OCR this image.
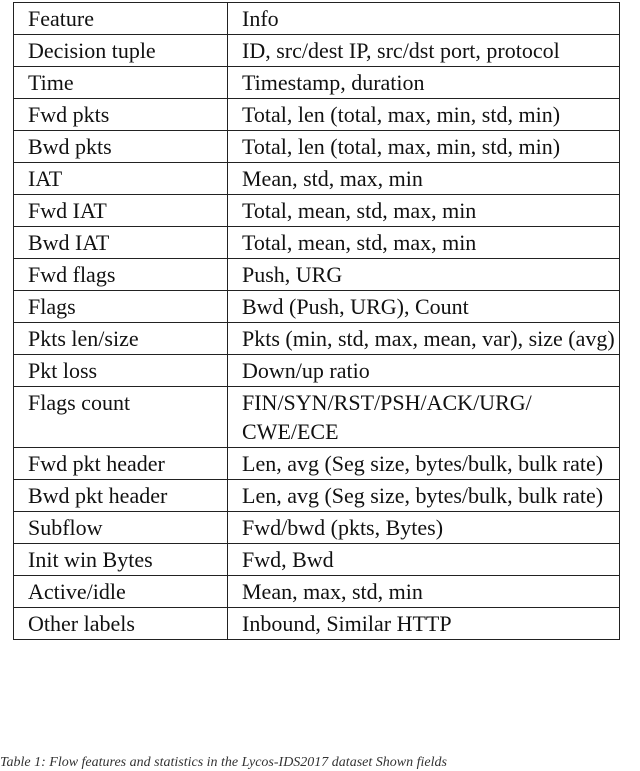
Feature	Info
Decision tuple	ID, src/dest IP, src/dst port, protocol
Time	Timestamp, duration
Fwd pkts	Total, len (total, max, min, std, min)
Bwd pkts	Total, len (total, max, min, std, min)
IAT	Mean, std, max, min
Fwd IAT	Total, mean, std, max, min
Bwd IAT	Total, mean, std, max, min
Fwd flags	Push, URG
Flags	Bwd (Push, URG), Count
Pkts len/size	Pkts (min, std, max, mean, var), size (avg)
Pkt loss	Down/up ratio
Flags count	FIN/SYN/RST/PSH/ACK/URG/ CWE/ECE
Fwd pkt header	Len, avg (Seg size, bytes/bulk, bulk rate)
Bwd pkt header	Len, avg (Seg size, bytes/bulk, bulk rate)
Subflow	Fwd/bwd (pkts, Bytes)
Init win Bytes	Fwd, Bwd
Active/idle	Mean, max, std, min
Other labels	Inbound, Similar HTTP
Table 1: Flow features and statistics in the Lycos-IDS2017 dataset Shown fields
